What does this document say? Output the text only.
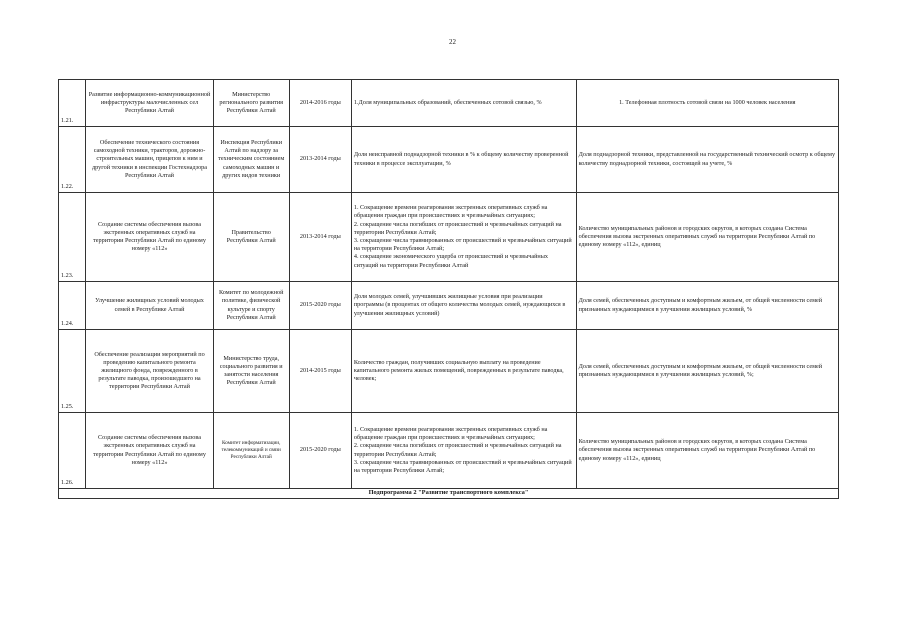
22
1.21.	Развитие информационно-коммуникационной инфраструктуры малочисленных сел Республики Алтай	Министерство регионального развития Республики Алтай	2014-2016 годы	1.Доля муниципальных образований, обеспеченных сотовой связью, %	1. Телефонная плотность сотовой связи на 1000 человек населения
1.22.	Обеспечение технического состояния самоходной техники, тракторов, дорожно-строительных машин, прицепов к ним и другой техники в инспекции Гостехнадзора Республики Алтай	Инспекция Республики Алтай по надзору за техническим состоянием самоходных машин и других видов техники	2013-2014 годы	Доля неисправной поднадзорной техники в % к общему количеству проверенной техники в процессе эксплуатации, %	Доля поднадзорной техники, представленной на государственный технический осмотр к общему количеству поднадзорной техники, состоящей на учете, %
1.23.	Создание системы обеспечения вызова экстренных оперативных служб на территории Республики Алтай по единому номеру «112»	Правительство Республики Алтай	2013-2014 годы	1. Сокращение времени реагирования экстренных оперативных служб на обращения граждан при происшествиях и чрезвычайных ситуациях;
2. сокращение числа погибших от происшествий и чрезвычайных ситуаций на территории Республики Алтай;
3. сокращение числа травмированных от происшествий и чрезвычайных ситуаций на территории Республики Алтай;
4. сокращение экономического ущерба от происшествий и чрезвычайных ситуаций на территории Республики Алтай	Количество муниципальных районов и городских округов, в которых создана Система обеспечения вызова экстренных оперативных служб на территории Республики Алтай по единому номеру «112», единиц
1.24.	Улучшение жилищных условий молодых семей в Республике Алтай	Комитет по молодежной политике, физической культуре и спорту Республики Алтай	2015-2020 годы	Доля молодых семей, улучшивших жилищные условия при реализации программы (в процентах от общего количества молодых семей, нуждающихся в улучшении жилищных условий)	Доля семей, обеспеченных доступным и комфортным жильем, от общей численности семей признанных нуждающимися в улучшении жилищных условий, %
1.25.	Обеспечение реализации мероприятий по проведению капитального ремонта жилищного фонда, поврежденного в результате паводка, произошедшего на территории Республики Алтай	Министерство труда, социального развития и занятости населения Республики Алтай	2014-2015 годы	Количество граждан, получивших социальную выплату на проведение капитального ремонта жилых помещений, поврежденных в результате паводка, человек;	Доля семей, обеспеченных доступным и комфортным жильем, от общей численности семей признанных нуждающимися в улучшении жилищных условий, %;
1.26.	Создание системы обеспечения вызова экстренных оперативных служб на территории Республики Алтай по единому номеру «112»	Комитет информатизации, телекоммуникаций и связи Республики Алтай	2015-2020 годы	1. Сокращение времени реагирования экстренных оперативных служб на обращение граждан при происшествиях и чрезвычайных ситуациях;
2. сокращение числа погибших от происшествий и чрезвычайных ситуаций на территории Республики Алтай;
3. сокращение числа травмированных от происшествий и чрезвычайных ситуаций на территории Республики Алтай;	Количество муниципальных районов и городских округов, в которых создана Система обеспечения вызова экстренных оперативных служб на территории Республики Алтай по единому номеру «112», единиц
Подпрограмма 2 "Развитие транспортного комплекса"					
